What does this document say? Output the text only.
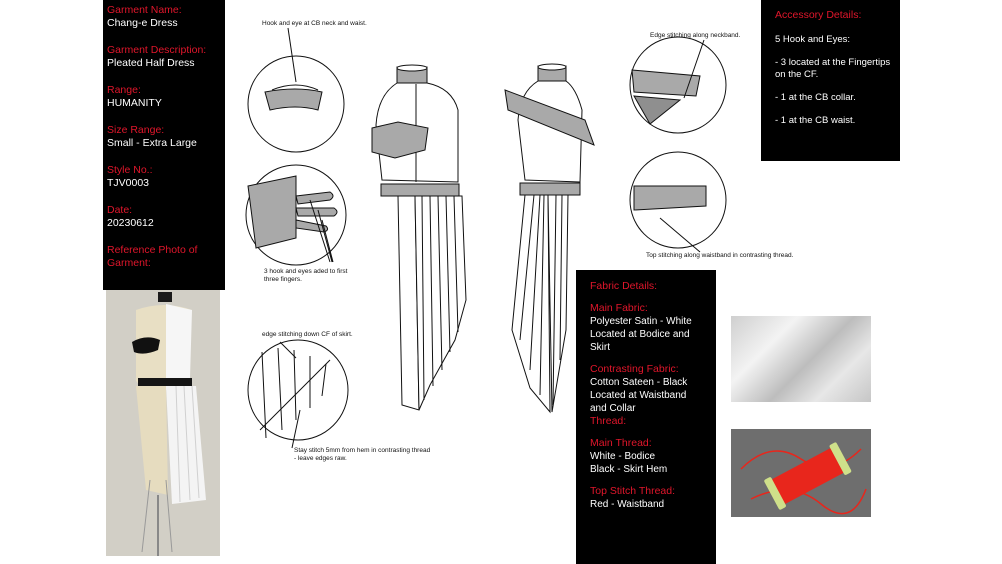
Garment Name:
Chang-e Dress
Garment Description:
Pleated Half Dress
Range:
HUMANITY
Size Range:
Small - Extra Large
Style No.:
TJV0003
Date:
20230612
Reference Photo of Garment:
Hook and eye at CB neck and waist.
3 hook and eyes aded to first three fingers.
edge stitching down CF of skirt.
Stay stitch 5mm from hem in contrasting thread - leave edges raw.
Edge stitching along neckband.
Top stitching along waistband in contrasting thread.
Accessory Details:
5 Hook and Eyes:
- 3 located at the Fingertips on the CF.
- 1 at the CB collar.
- 1 at the CB waist.
Fabric Details:
Main Fabric:
Polyester Satin - White
Located at Bodice and
Skirt
Contrasting Fabric:
Cotton Sateen - Black
Located at Waistband
and Collar
Thread:
Main Thread:
White - Bodice
Black - Skirt Hem
Top Stitch Thread:
Red - Waistband
